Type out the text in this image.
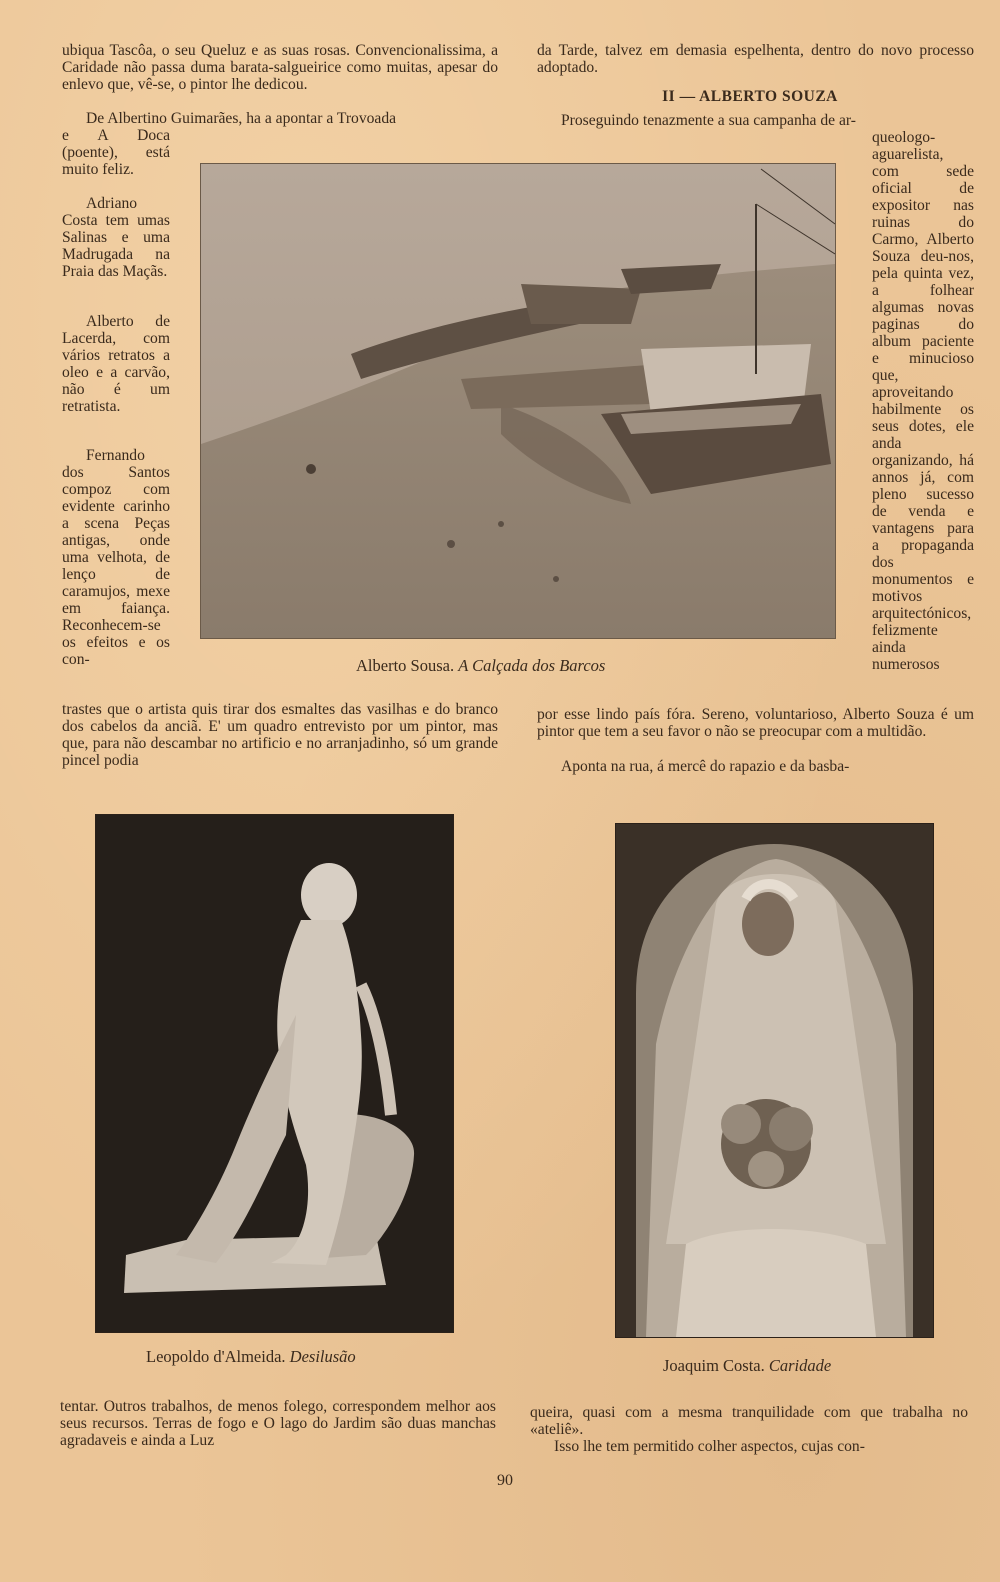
ubiqua Tascôa, o seu Queluz e as suas rosas. Convencionalissima, a Caridade não passa duma barata-salgueirice como muitas, apesar do enlevo que, vê-se, o pintor lhe dedicou.

De Albertino Guimarães, ha a apontar a Trovoada

e A Doca (poente), está muito feliz.

Adriano Costa tem umas Salinas e uma Madrugada na Praia das Maçãs.

Alberto de Lacerda, com vários retratos a oleo e a carvão, não é um retratista.

Fernando dos Santos compoz com evidente carinho a scena Peças antigas, onde uma velhota, de lenço de caramujos, mexe em faiança. Reconhecem-se os efeitos e os con-

trastes que o artista quis tirar dos esmaltes das vasilhas e do branco dos cabelos da anciã. E' um quadro entrevisto por um pintor, mas que, para não descambar no artificio e no arranjadinho, só um grande pincel podia

da Tarde, talvez em demasia espelhenta, dentro do novo processo adoptado.

II — ALBERTO SOUZA

Proseguindo tenazmente a sua campanha de ar-

queologo-aguarelista, com sede oficial de expositor nas ruinas do Carmo, Alberto Souza deu-nos, pela quinta vez, a folhear algumas novas paginas do album paciente e minucioso que, aproveitando habilmente os seus dotes, ele anda organizando, há annos já, com pleno sucesso de venda e vantagens para a propaganda dos monumentos e motivos arquitectónicos, felizmente ainda numerosos

por esse lindo país fóra. Sereno, voluntarioso, Alberto Souza é um pintor que tem a seu favor o não se preocupar com a multidão.

Aponta na rua, á mercê do rapazio e da basba-

Alberto Sousa. A Calçada dos Barcos
Leopoldo d'Almeida. Desilusão	Joaquim Costa. Caridade

tentar. Outros trabalhos, de menos folego, correspondem melhor aos seus recursos. Terras de fogo e O lago do Jardim são duas manchas agradaveis e ainda a Luz

queira, quasi com a mesma tranquilidade com que trabalha no «ateliê».

Isso lhe tem permitido colher aspectos, cujas con-

90
